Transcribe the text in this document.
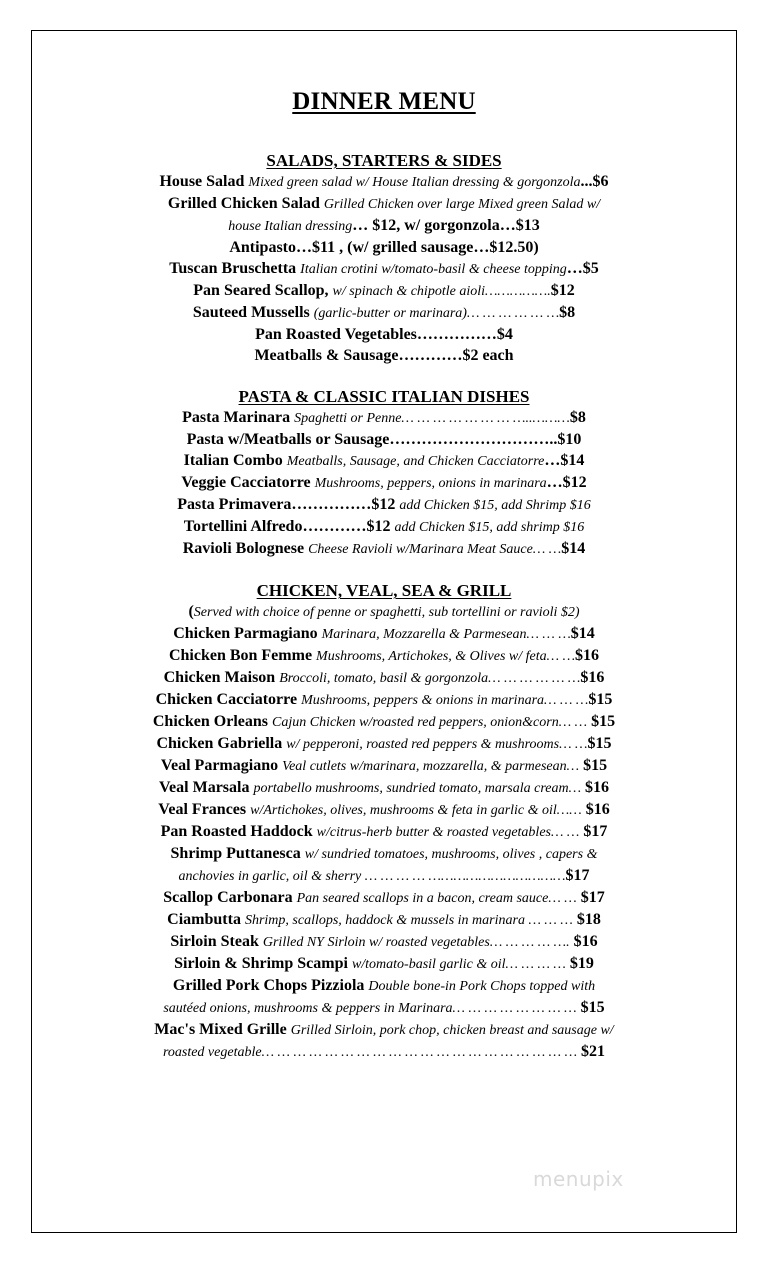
DINNER MENU
SALADS, STARTERS & SIDES
House Salad Mixed green salad w/ House Italian dressing & gorgonzola...$6
Grilled Chicken Salad Grilled Chicken over large Mixed green Salad w/
house Italian dressing… $12, w/ gorgonzola…$13
Antipasto…$11 , (w/ grilled sausage…$12.50)
Tuscan Bruschetta Italian crotini w/tomato-basil & cheese topping…$5
Pan Seared Scallop, w/ spinach & chipotle aioli…………….$12
Sauteed Mussells (garlic-butter or marinara)… … … … … …$8
Pan Roasted Vegetables……………$4
Meatballs & Sausage…………$2 each
PASTA & CLASSIC ITALIAN DISHES
Pasta Marinara Spaghetti or Penne… … … … … … … …..………$8
Pasta w/Meatballs or Sausage…………………………..$10
Italian Combo Meatballs, Sausage, and Chicken Cacciatorre…$14
Veggie Cacciatorre Mushrooms, peppers, onions in marinara…$12
Pasta Primavera……………$12 add Chicken $15, add Shrimp $16
Tortellini Alfredo…………$12 add Chicken $15, add shrimp $16
Ravioli Bolognese Cheese Ravioli w/Marinara Meat Sauce… …$14
CHICKEN, VEAL, SEA & GRILL
(Served with choice of penne or spaghetti, sub tortellini or ravioli $2)
Chicken Parmagiano Marinara, Mozzarella & Parmesean… … …$14
Chicken Bon Femme Mushrooms, Artichokes, & Olives w/ feta… …$16
Chicken Maison Broccoli, tomato, basil & gorgonzola… … … … … …$16
Chicken Cacciatorre Mushrooms, peppers & onions in marinara… … …$15
Chicken Orleans Cajun Chicken w/roasted red peppers, onion&corn… … $15
Chicken Gabriella w/ pepperoni, roasted red peppers & mushrooms… …$15
Veal Parmagiano Veal cutlets w/marinara, mozzarella, & parmesean… $15
Veal Marsala portabello mushrooms, sundried tomato, marsala cream… $16
Veal Frances w/Artichokes, olives, mushrooms & feta in garlic & oil…… $16
Pan Roasted Haddock w/citrus-herb butter & roasted vegetables… … $17
Shrimp Puttanesca w/ sundried tomatoes, mushrooms, olives , capers &
anchovies in garlic, oil & sherry … … … … ……………………………$17
Scallop Carbonara Pan seared scallops in a bacon, cream sauce… … $17
Ciambutta Shrimp, scallops, haddock & mussels in marinara … … … $18
Sirloin Steak Grilled NY Sirloin w/ roasted vegetables… … … … …. $16
Sirloin & Shrimp Scampi w/tomato-basil garlic & oil… … … … $19
Grilled Pork Chops Pizziola Double bone-in Pork Chops topped with
sautéed onions, mushrooms & peppers in Marinara… … … … … … … … $15
Mac's Mixed Grille Grilled Sirloin, pork chop, chicken breast and sausage w/
roasted vegetable… … … … … … … … … … … … … … … … … … … … $21
menupix
